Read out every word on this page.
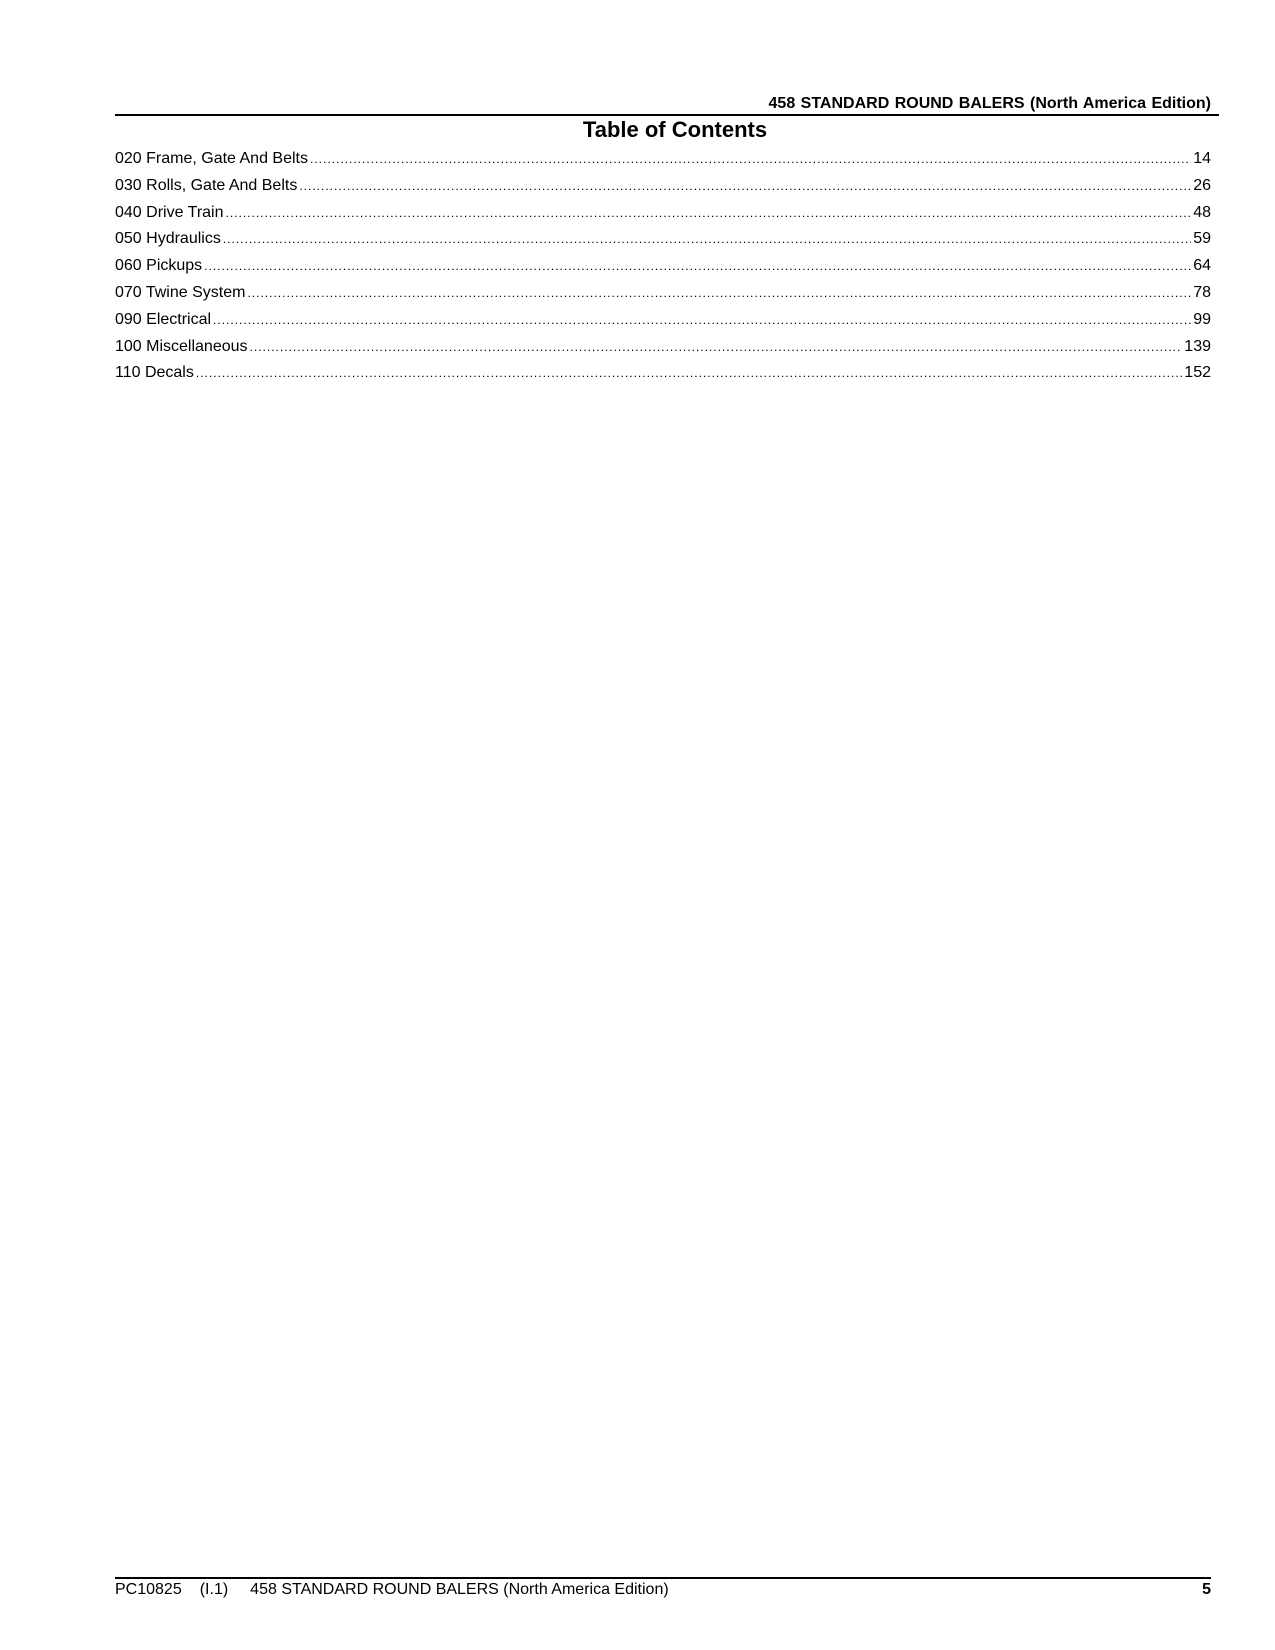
458 STANDARD ROUND BALERS (North America Edition)
Table of Contents
020 Frame, Gate And Belts .....	14
030 Rolls, Gate And Belts .....	26
040 Drive Train .....	48
050 Hydraulics .....	59
060 Pickups .....	64
070 Twine System .....	78
090 Electrical .....	99
100 Miscellaneous .....	139
110 Decals .....	152
PC10825 (I.1) 458 STANDARD ROUND BALERS (North America Edition)	5
